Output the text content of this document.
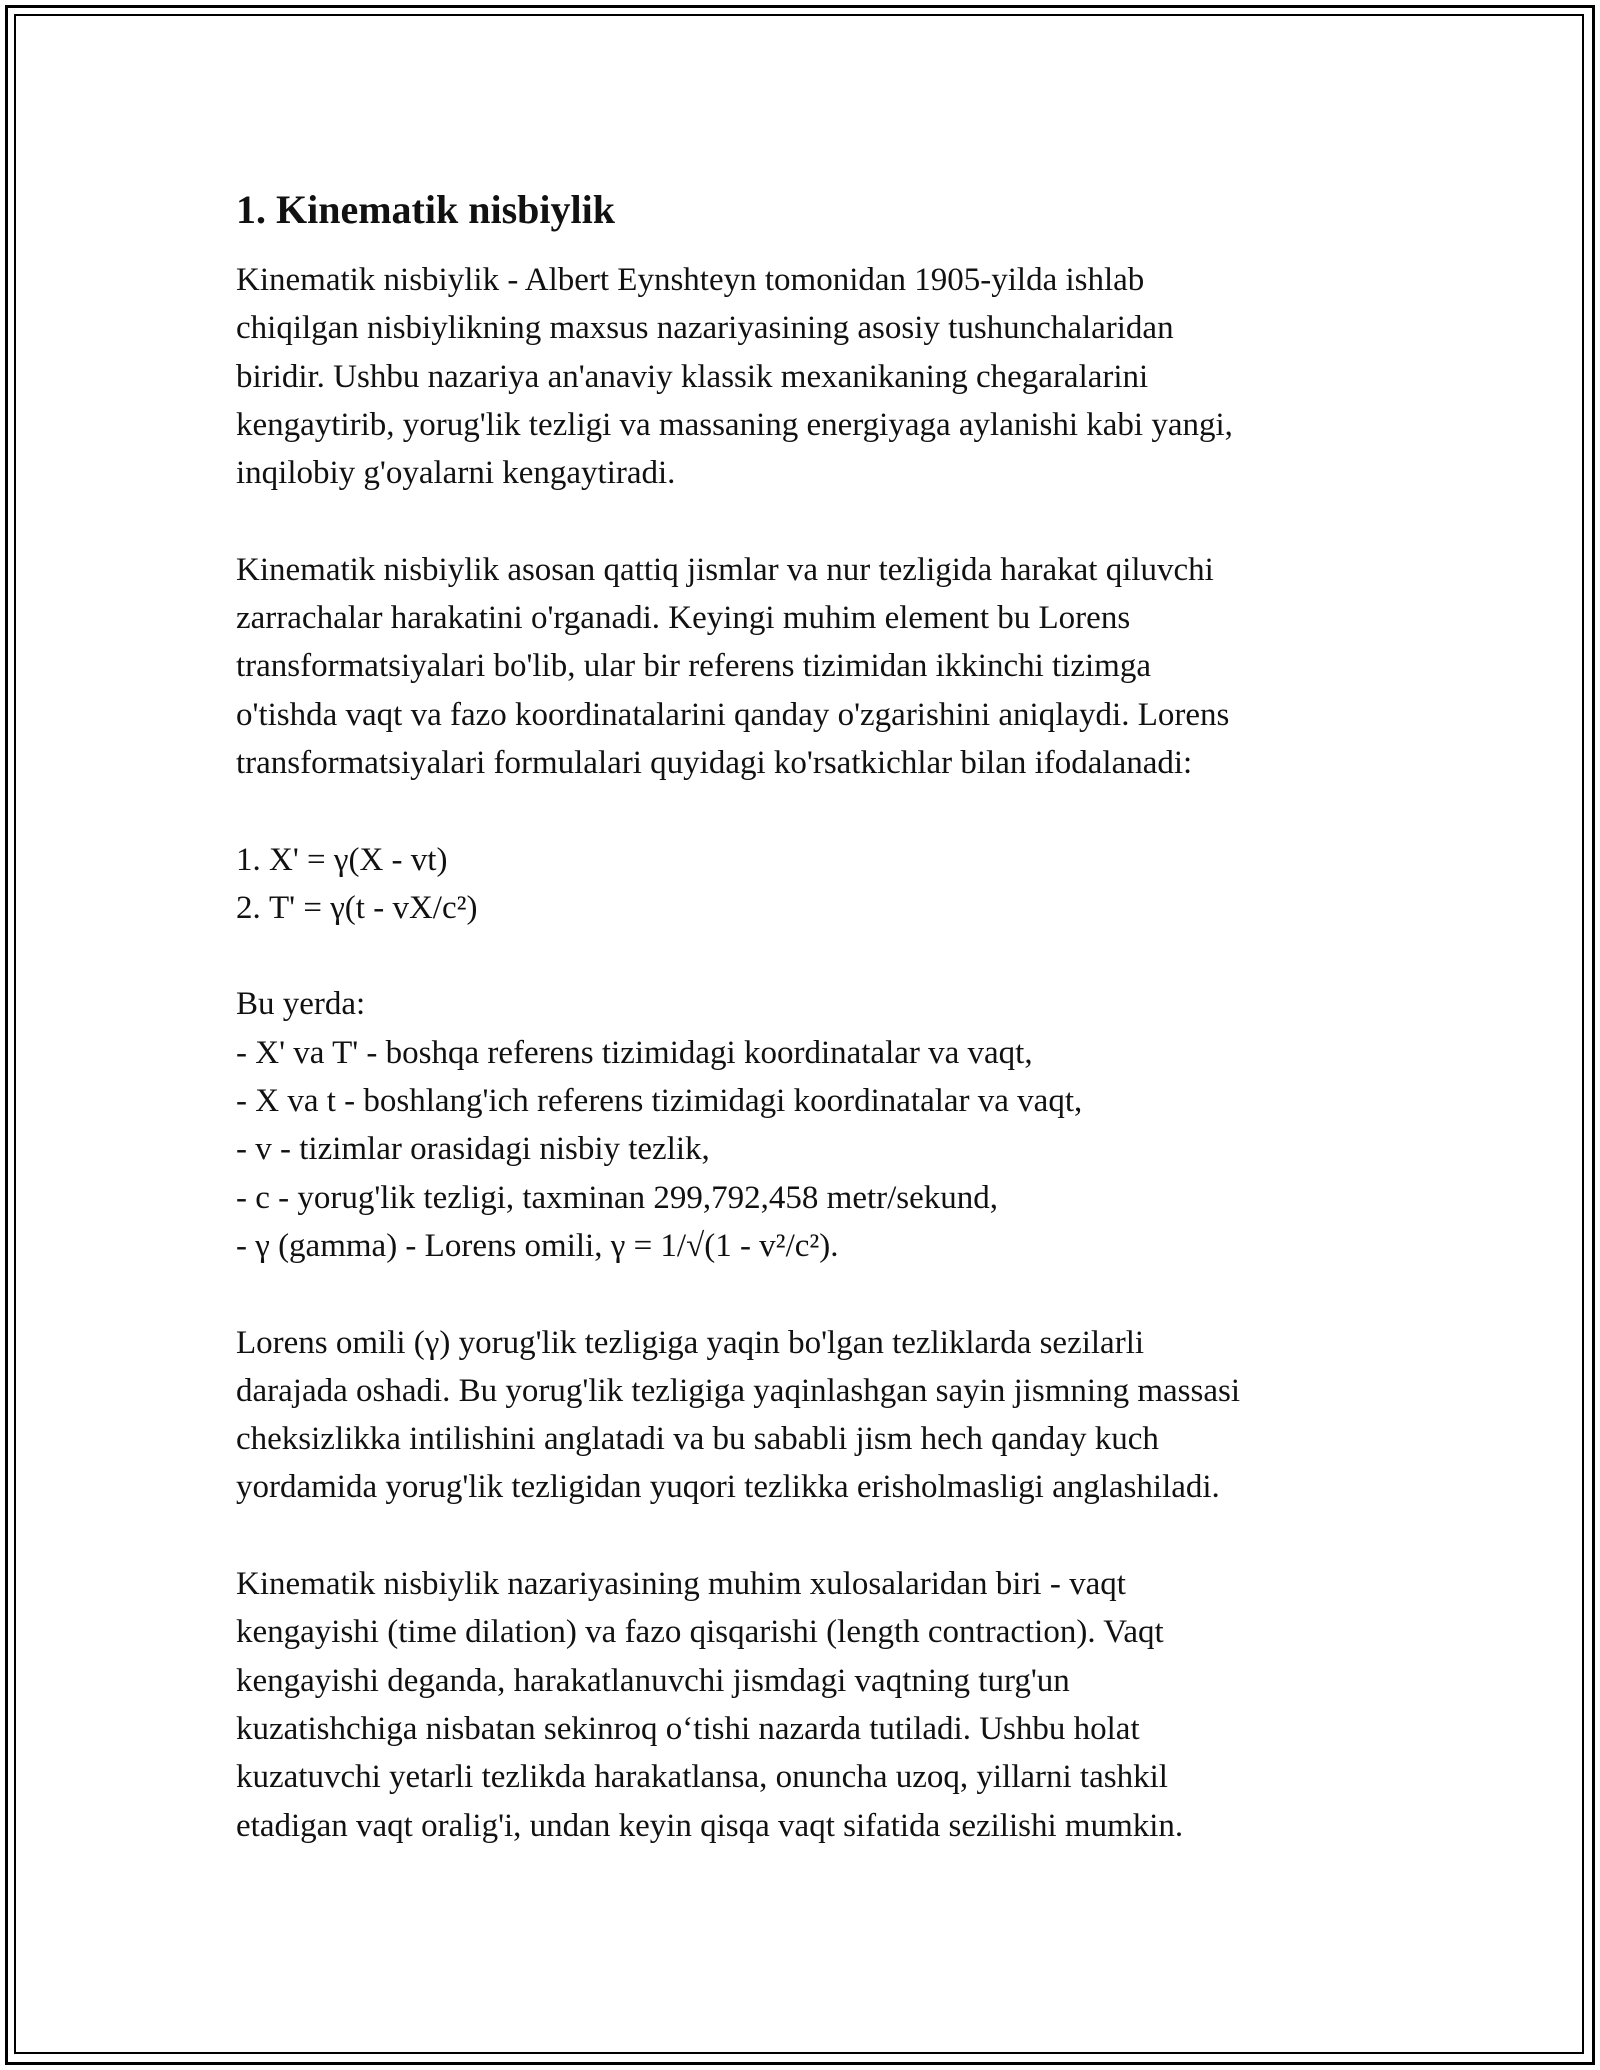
1. Kinematik nisbiylik

Kinematik nisbiylik - Albert Eynshteyn tomonidan 1905-yilda ishlab
chiqilgan nisbiylikning maxsus nazariyasining asosiy tushunchalaridan
biridir. Ushbu nazariya an'anaviy klassik mexanikaning chegaralarini
kengaytirib, yorug'lik tezligi va massaning energiyaga aylanishi kabi yangi,
inqilobiy g'oyalarni kengaytiradi.

Kinematik nisbiylik asosan qattiq jismlar va nur tezligida harakat qiluvchi
zarrachalar harakatini o'rganadi. Keyingi muhim element bu Lorens
transformatsiyalari bo'lib, ular bir referens tizimidan ikkinchi tizimga
o'tishda vaqt va fazo koordinatalarini qanday o'zgarishini aniqlaydi. Lorens
transformatsiyalari formulalari quyidagi ko'rsatkichlar bilan ifodalanadi:

1. X' = γ(X - vt)
2. T' = γ(t - vX/c²)

Bu yerda:
- X' va T' - boshqa referens tizimidagi koordinatalar va vaqt,
- X va t - boshlang'ich referens tizimidagi koordinatalar va vaqt,
- v - tizimlar orasidagi nisbiy tezlik,
- c - yorug'lik tezligi, taxminan 299,792,458 metr/sekund,
- γ (gamma) - Lorens omili, γ = 1/√(1 - v²/c²).

Lorens omili (γ) yorug'lik tezligiga yaqin bo'lgan tezliklarda sezilarli
darajada oshadi. Bu yorug'lik tezligiga yaqinlashgan sayin jismning massasi
cheksizlikka intilishini anglatadi va bu sababli jism hech qanday kuch
yordamida yorug'lik tezligidan yuqori tezlikka erisholmasligi anglashiladi.

Kinematik nisbiylik nazariyasining muhim xulosalaridan biri - vaqt
kengayishi (time dilation) va fazo qisqarishi (length contraction). Vaqt
kengayishi deganda, harakatlanuvchi jismdagi vaqtning turg'un
kuzatishchiga nisbatan sekinroq o‘tishi nazarda tutiladi. Ushbu holat
kuzatuvchi yetarli tezlikda harakatlansa, onuncha uzoq, yillarni tashkil
etadigan vaqt oralig'i, undan keyin qisqa vaqt sifatida sezilishi mumkin.
